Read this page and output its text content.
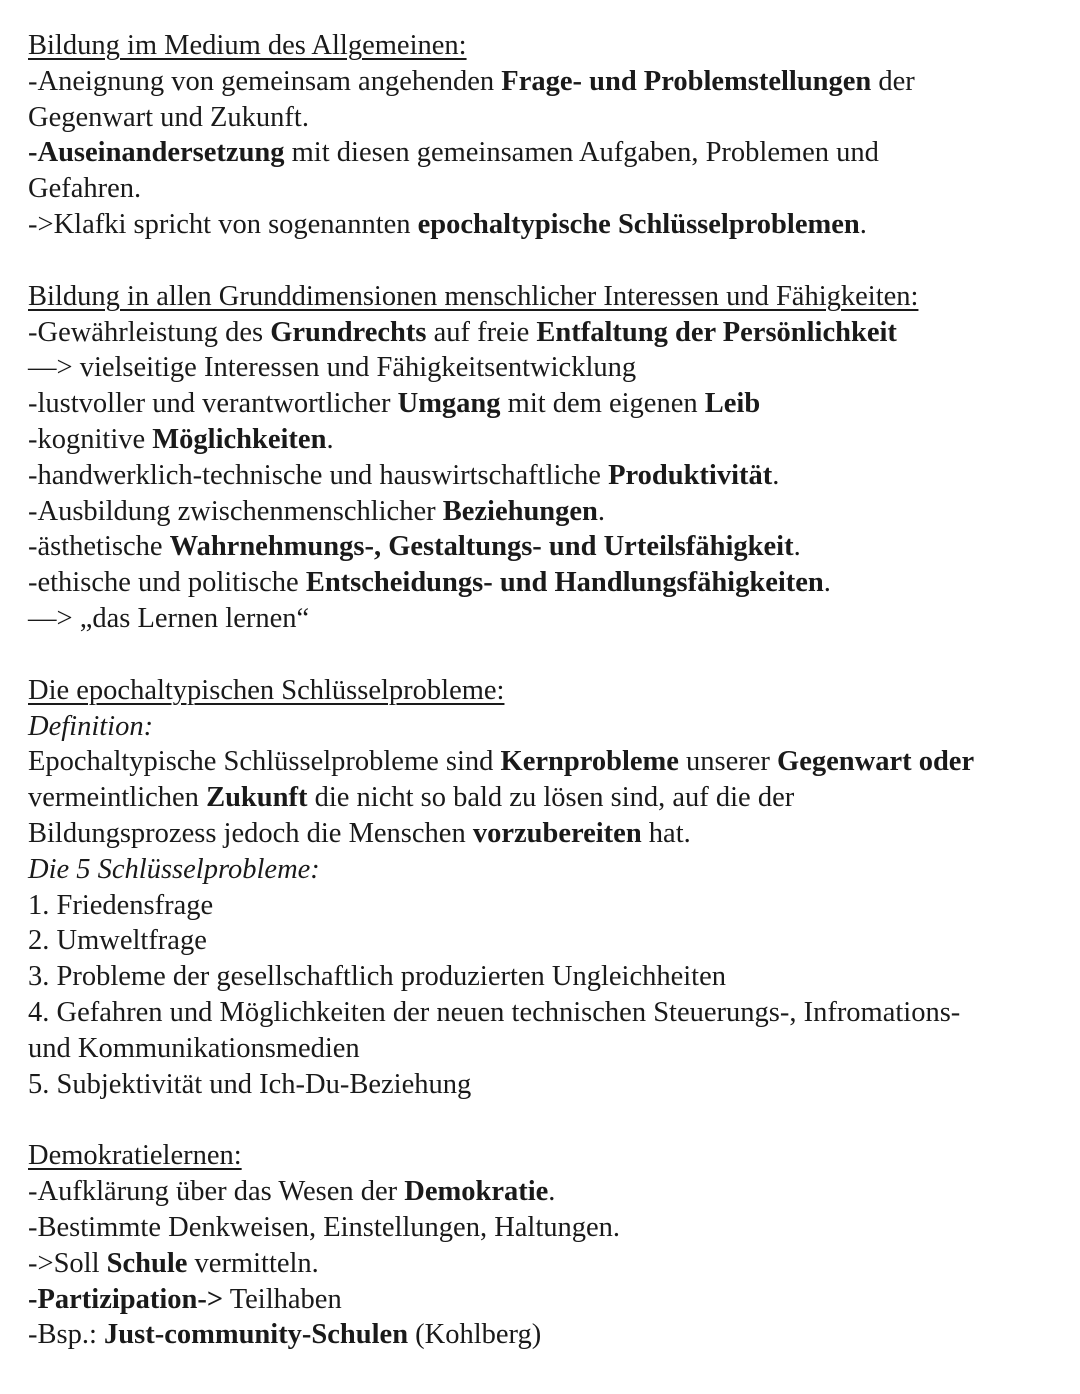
Bildung im Medium des Allgemeinen:
-Aneignung von gemeinsam angehenden Frage- und Problemstellungen der
Gegenwart und Zukunft.
-Auseinandersetzung mit diesen gemeinsamen Aufgaben, Problemen und
Gefahren.
->Klafki spricht von sogenannten epochaltypische Schlüsselproblemen.
Bildung in allen Grunddimensionen menschlicher Interessen und Fähigkeiten:
-Gewährleistung des Grundrechts auf freie Entfaltung der Persönlichkeit
—> vielseitige Interessen und Fähigkeitsentwicklung
-lustvoller und verantwortlicher Umgang mit dem eigenen Leib
-kognitive Möglichkeiten.
-handwerklich-technische und hauswirtschaftliche Produktivität.
-Ausbildung zwischenmenschlicher Beziehungen.
-ästhetische Wahrnehmungs-, Gestaltungs- und Urteilsfähigkeit.
-ethische und politische Entscheidungs- und Handlungsfähigkeiten.
—> „das Lernen lernen“
Die epochaltypischen Schlüsselprobleme:
Definition:
Epochaltypische Schlüsselprobleme sind Kernprobleme unserer Gegenwart oder
vermeintlichen Zukunft die nicht so bald zu lösen sind, auf die der
Bildungsprozess jedoch die Menschen vorzubereiten hat.
Die 5 Schlüsselprobleme:
1. Friedensfrage
2. Umweltfrage
3. Probleme der gesellschaftlich produzierten Ungleichheiten
4. Gefahren und Möglichkeiten der neuen technischen Steuerungs-, Infromations-
und Kommunikationsmedien
5. Subjektivität und Ich-Du-Beziehung
Demokratielernen:
-Aufklärung über das Wesen der Demokratie.
-Bestimmte Denkweisen, Einstellungen, Haltungen.
->Soll Schule vermitteln.
-Partizipation-> Teilhaben
-Bsp.: Just-community-Schulen (Kohlberg)
